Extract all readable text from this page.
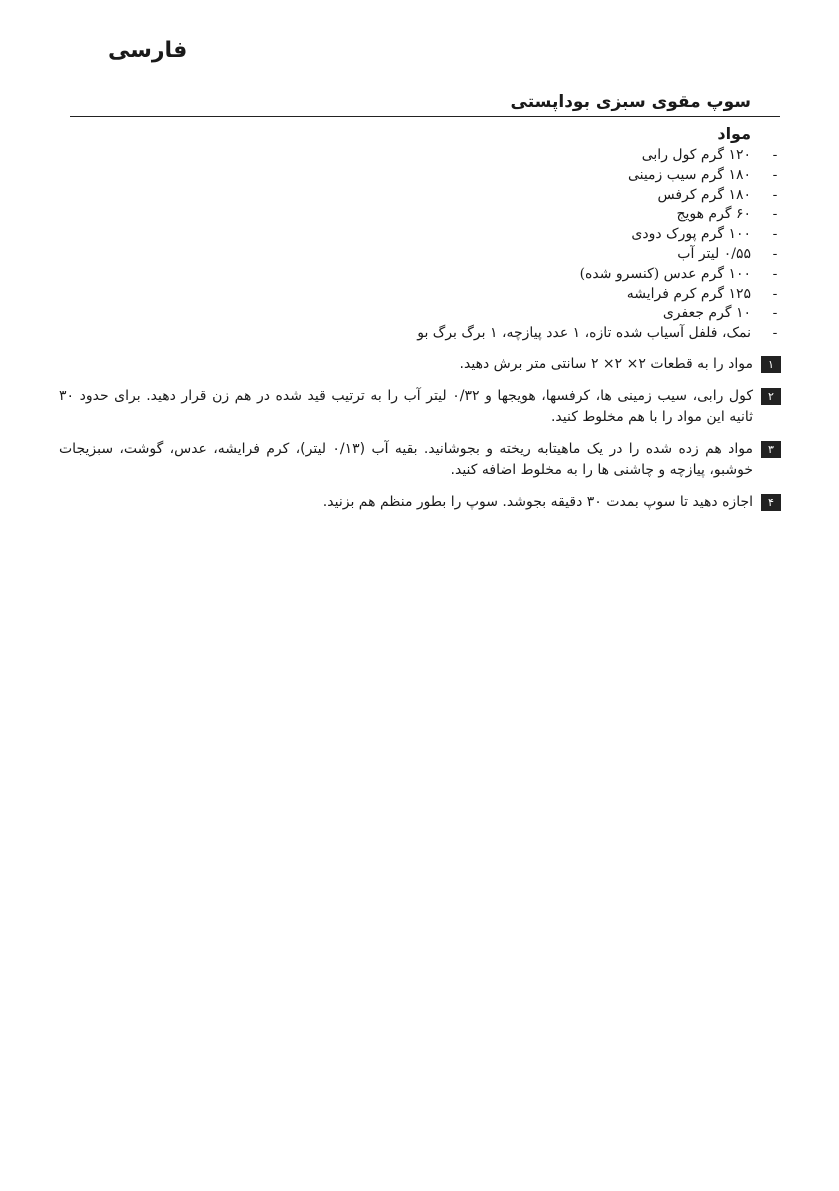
فارسی
سوپ مقوی سبزی بوداپستی
مواد
-
۱۲۰ گرم کول رابی
-
۱۸۰ گرم سیب زمینی
-
۱۸۰ گرم کرفس
-
۶۰ گرم هویج
-
۱۰۰ گرم پورک دودی
-
۰/۵۵ لیتر آب
-
۱۰۰ گرم عدس (کنسرو شده)
-
۱۲۵ گرم کرم فرایشه
-
۱۰ گرم جعفری
-
نمک، فلفل آسیاب شده تازه، ۱ عدد پیازچه، ۱ برگ برگ بو
۱
مواد را به قطعات ۲× ۲× ۲ سانتی متر برش دهید.
۲
کول رابی، سیب زمینی ها، کرفسها، هویجها و ۰/۳۲ لیتر آب را به ترتیب قید شده در هم زن قرار دهید. برای حدود ۳۰ ثانیه این مواد را با هم مخلوط کنید.
۳
مواد هم زده شده را در یک ماهیتابه ریخته و بجوشانید. بقیه آب (۰/۱۳ لیتر)، کرم فرایشه، عدس، گوشت، سبزیجات خوشبو، پیازچه و چاشنی ها را به مخلوط اضافه کنید.
۴
اجازه دهید تا سوپ بمدت ۳۰ دقیقه بجوشد. سوپ را بطور منظم هم بزنید.
